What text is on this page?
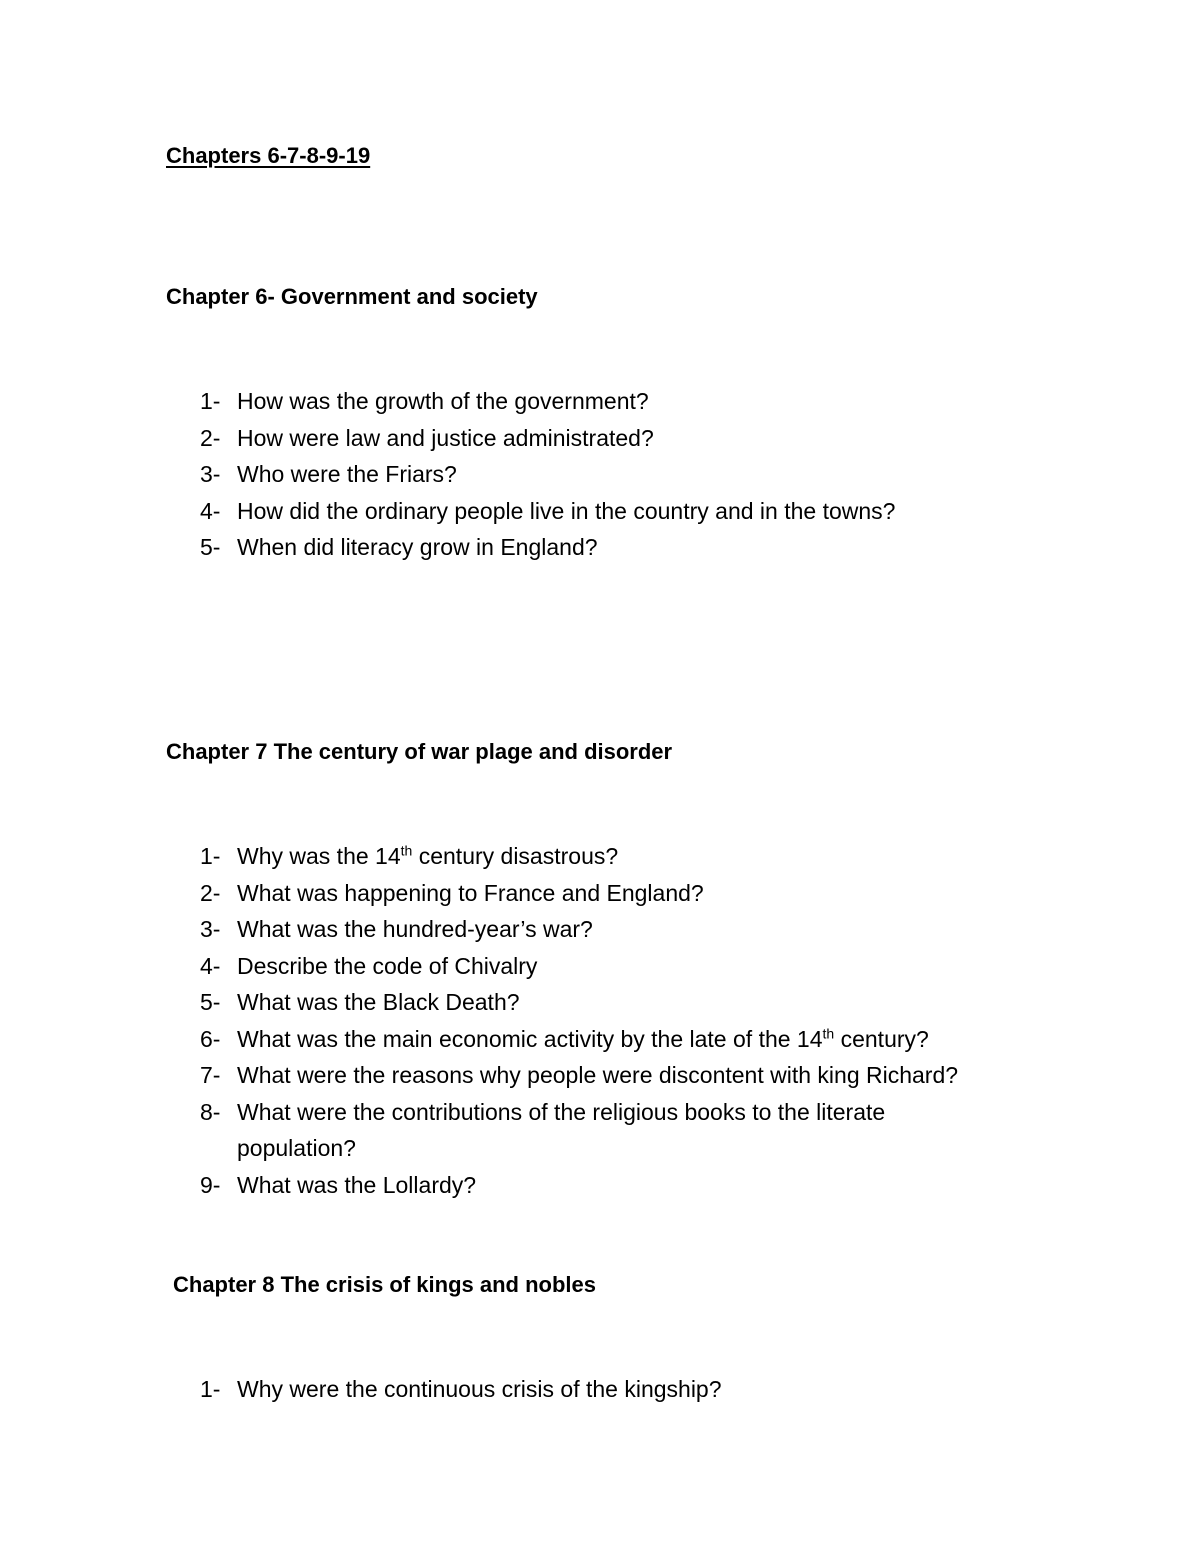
Chapters 6-7-8-9-19
Chapter 6- Government and society
1- How was the growth of the government?
2- How were law and justice administrated?
3- Who were the Friars?
4- How did the ordinary people live in the country and in the towns?
5- When did literacy grow in England?
Chapter 7 The century of war plage and disorder
1- Why was the 14th century disastrous?
2- What was happening to France and England?
3- What was the hundred-year’s war?
4- Describe the code of Chivalry
5- What was the Black Death?
6- What was the main economic activity by the late of the 14th century?
7- What were the reasons why people were discontent with king Richard?
8- What were the contributions of the religious books to the literate population?
9- What was the Lollardy?
Chapter 8 The crisis of kings and nobles
1- Why were the continuous crisis of the kingship?
